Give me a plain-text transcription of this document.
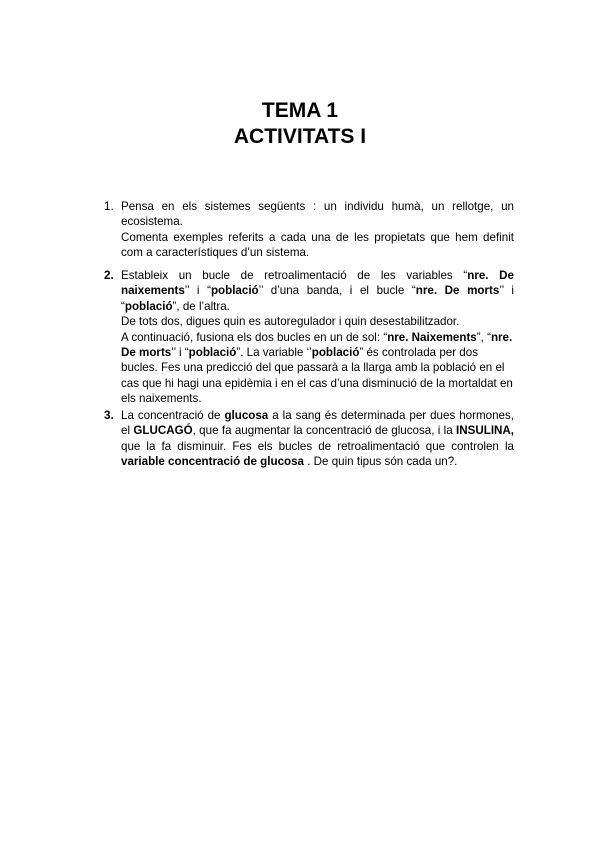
TEMA 1
ACTIVITATS I
1. Pensa en els sistemes següents : un individu humà, un rellotge, un ecosistema.
Comenta exemples referits a cada una de les propietats que hem definit com a característiques d’un sistema.
2. Estableix un bucle de retroalimentació de les variables “nre. De naixements’’ i “població’’ d’una banda, i el bucle “nre. De morts’’ i “població”, de l’altra.
De tots dos, digues quin es autoregulador i quin desestabilitzador.
A continuació, fusiona els dos bucles en un de sol: “nre. Naixements”, “nre. De morts’’ i “població”. La variable ‘’població” és controlada per dos bucles. Fes una predicció del que passarà a la llarga amb la població en el cas que hi hagi una epidèmia i en el cas d’una disminució de la mortaldat en els naixements.
3. La concentració de glucosa a la sang és determinada per dues hormones, el GLUCAGÓ, que fa augmentar la concentració de glucosa, i la INSULINA, que la fa disminuir. Fes els bucles de retroalimentació que controlen la variable concentració de glucosa . De quin tipus són cada un?.
